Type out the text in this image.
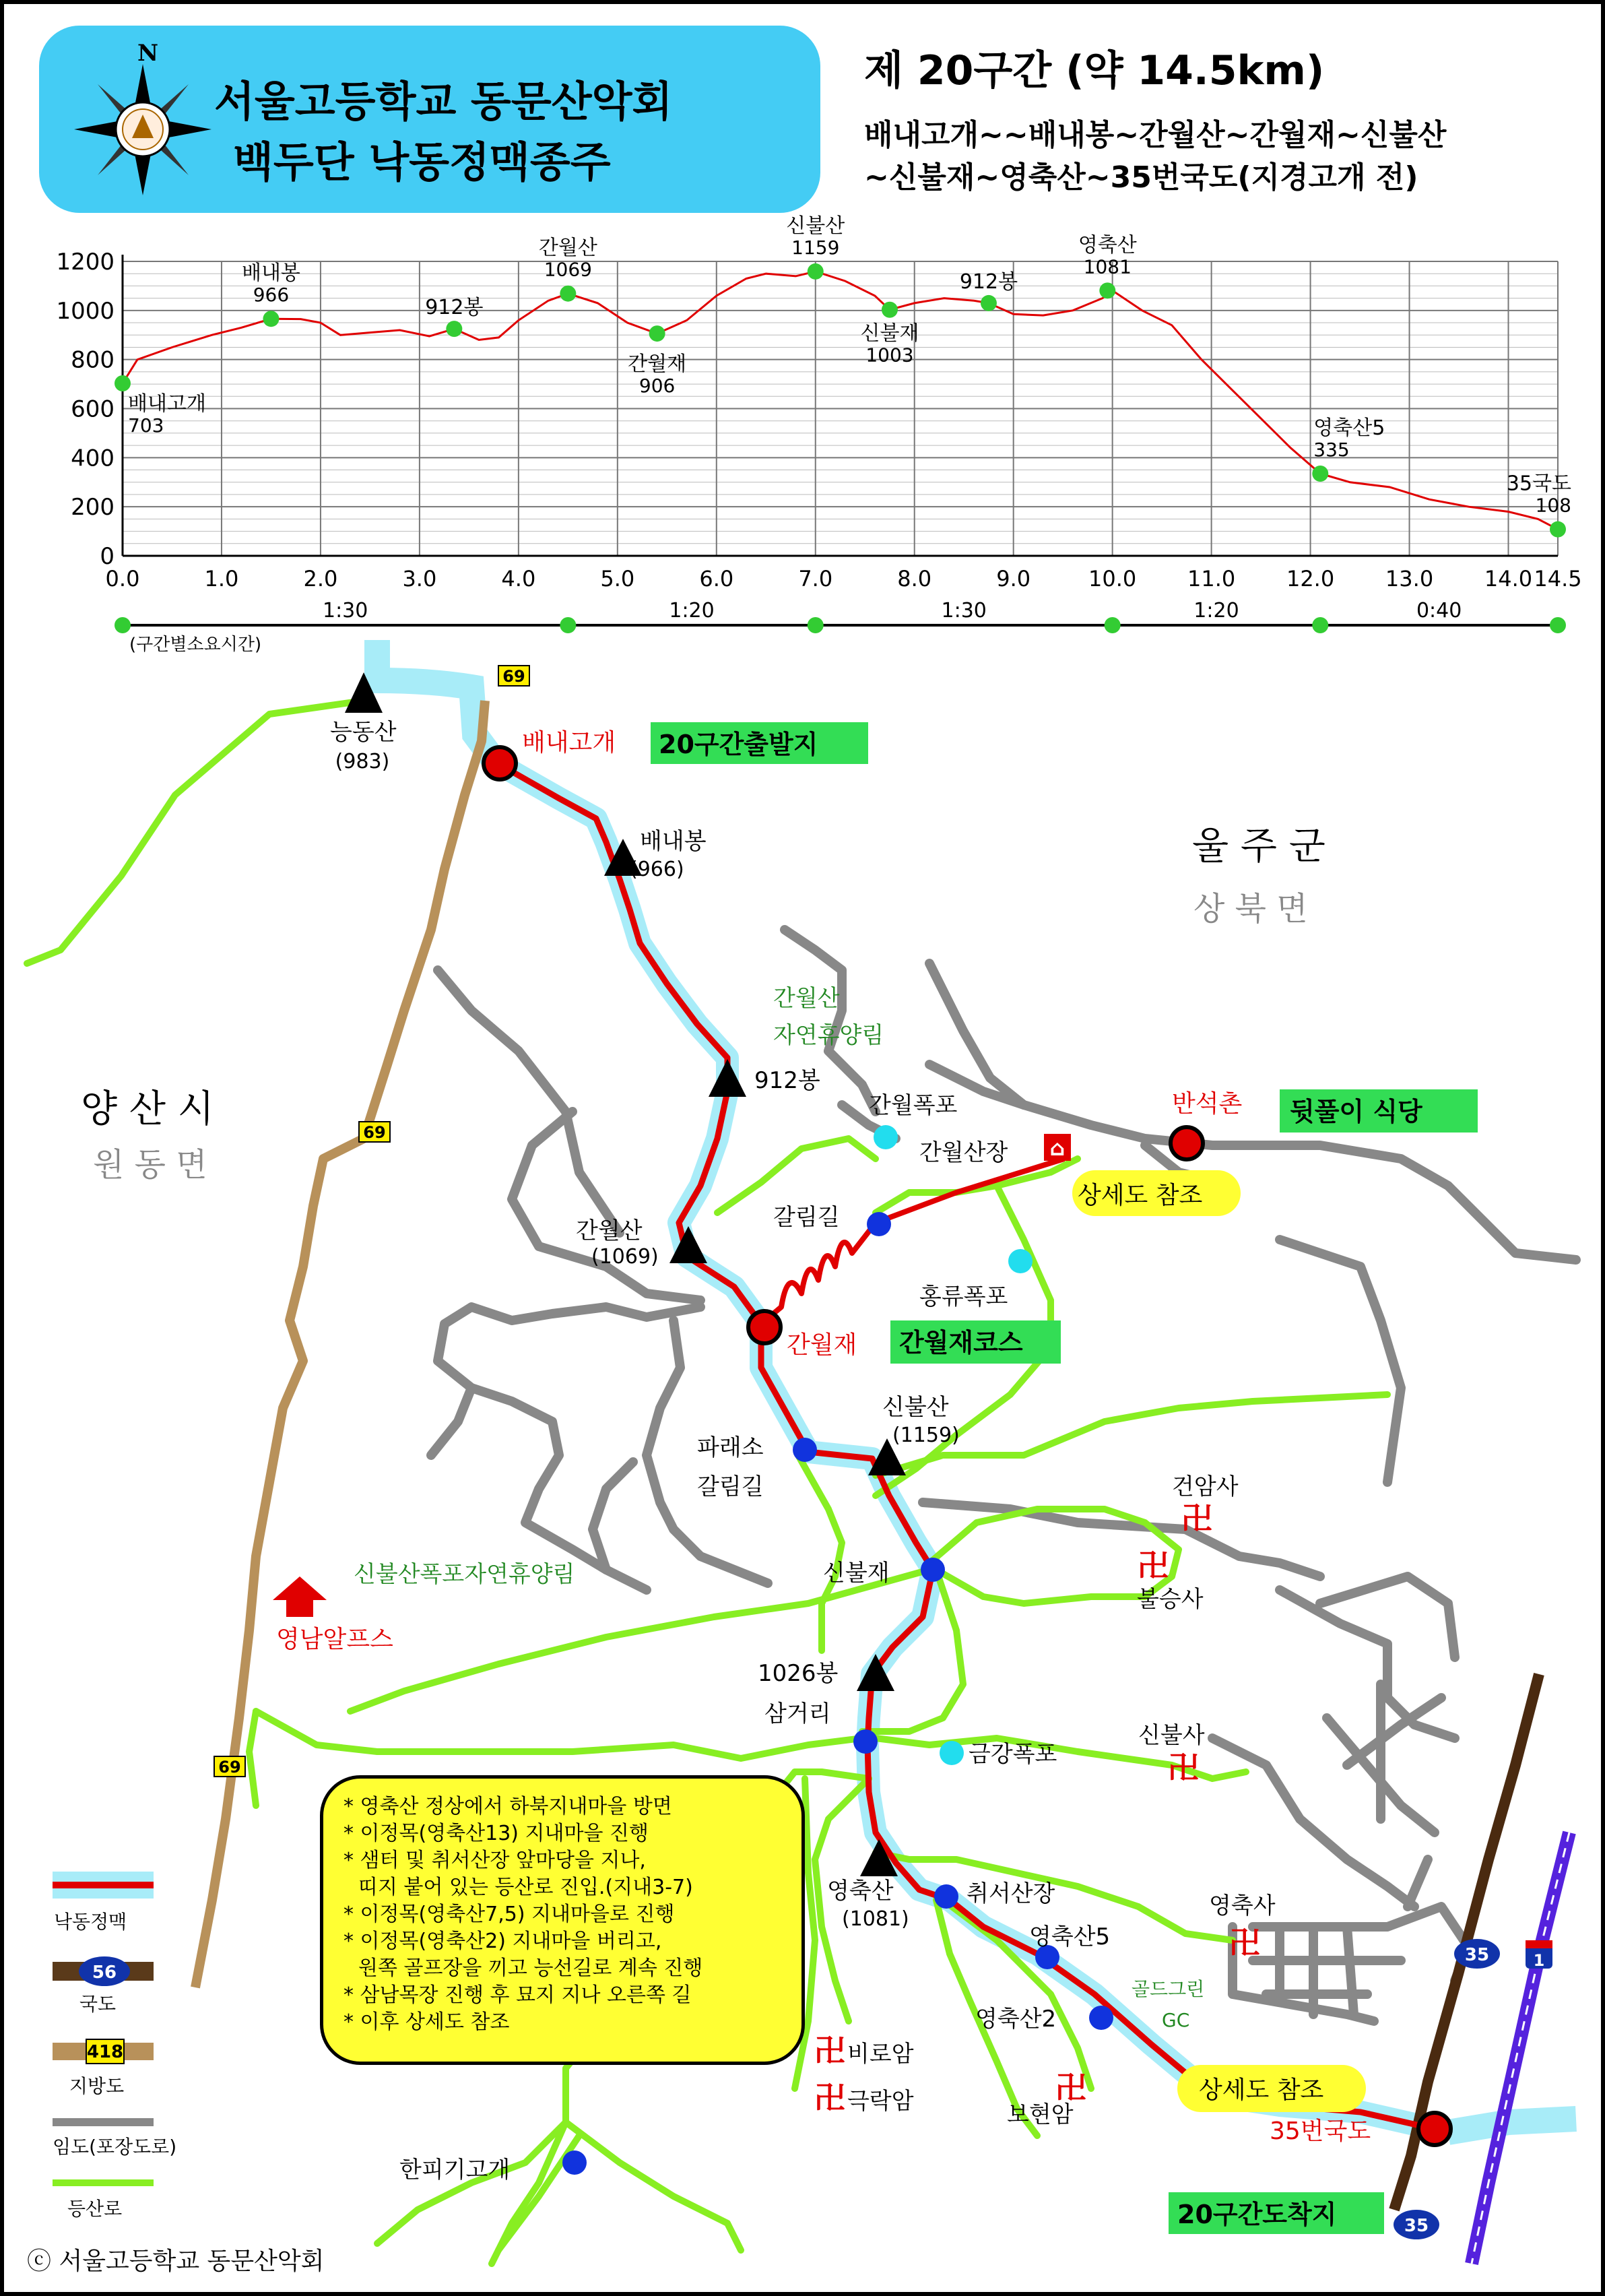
N
서울고등학교 동문산악회
백두단 낙동정맥종주
제 20구간 (약 14.5km)
배내고개~~배내봉~간월산~간월재~신불산
~신불재~영축산~35번국도(지경고개 전)
0
200
400
600
800
1000
1200
0.0	1.0	2.0	3.0	4.0	5.0	6.0	7.0	8.0	9.0	10.0 11.0 12.0 13.0 14.0 14.5
배내고개
703
배내봉
966
912봉
간월산
1069
간월재
906
신불산
1159
신불재
1003
912봉
영축산
1081
영축산5
335
35국도
108
1:30	1:20	1:30	1:20	0:40
(구간별소요시간)
⌂
卍
卍
卍
卍
卍
卍	卍
69
69
69
35
35
1
울 주 군
상 북 면
양 산 시
원 동 면
능동산
(983)
배내봉
(966)
912봉
간월산
(1069)
신불산
(1159)
1026봉
영축산
(1081)
배내고개 20구간출발지
간월재 간월재코스
반석촌 뒷풀이 식당
35번국도
20구간도착지
상세도 참조
상세도 참조
간월산
자연휴양림
신불산폭포자연휴양림
간월폭포
간월산장
갈림길
홍류폭포
파래소
갈림길
신불재
삼거리
금강폭포
취서산장
영축산5
영축산2
골드그린
GC
영남알프스
한피기고개
건암사
불승사
신불사
영축사
비로암
극락암	보현암
낙동정맥
56
국도
418
지방도
임도(포장도로)
등산로
ⓒ 서울고등학교 동문산악회
* 영축산 정상에서 하북지내마을 방면
* 이정목(영축산13) 지내마을 진행
* 샘터 및 취서산장 앞마당을 지나,
띠지 붙어 있는 등산로 진입.(지내3-7)
* 이정목(영축산7,5) 지내마을로 진행
* 이정목(영축산2) 지내마을 버리고,
원쪽 골프장을 끼고 능선길로 계속 진행
* 삼남목장 진행 후 묘지 지나 오른쪽 길
* 이후 상세도 참조
